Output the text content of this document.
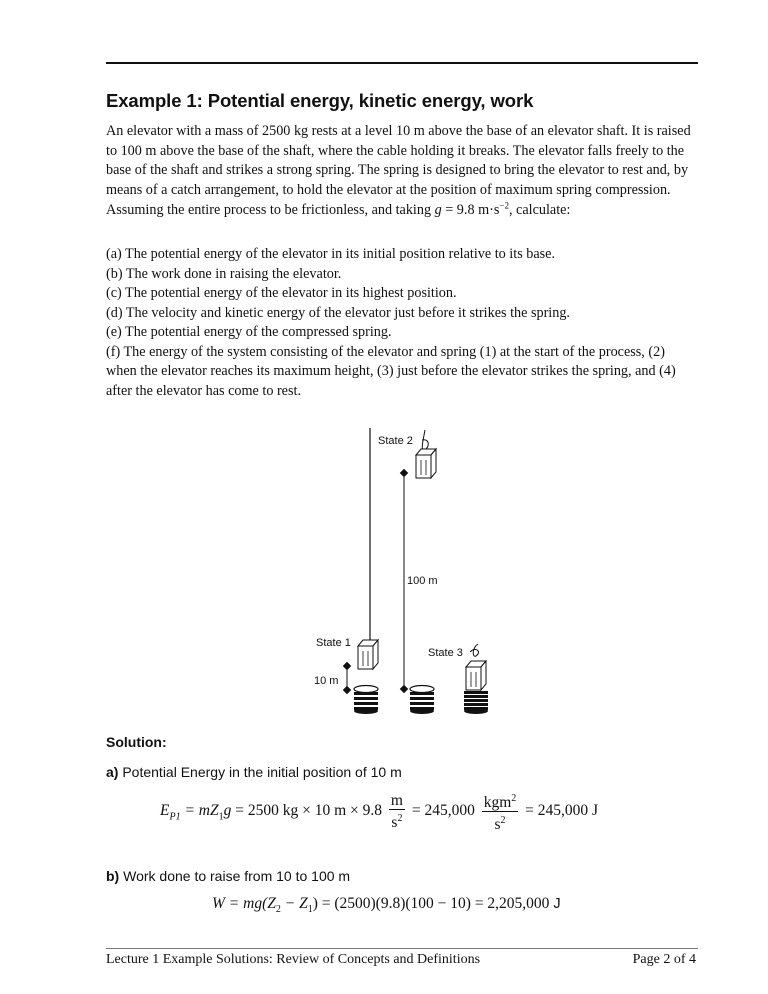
Example 1: Potential energy, kinetic energy, work

An elevator with a mass of 2500 kg rests at a level 10 m above the base of an elevator shaft. It is raised to 100 m above the base of the shaft, where the cable holding it breaks. The elevator falls freely to the base of the shaft and strikes a strong spring. The spring is designed to bring the elevator to rest and, by means of a catch arrangement, to hold the elevator at the position of maximum spring compression. Assuming the entire process to be frictionless, and taking g = 9.8 $m\cdot s^{-2}$, calculate:

(a) The potential energy of the elevator in its initial position relative to its base.
(b) The work done in raising the elevator.
(c) The potential energy of the elevator in its highest position.
(d) The velocity and kinetic energy of the elevator just before it strikes the spring.
(e) The potential energy of the compressed spring.
(f) The energy of the system consisting of the elevator and spring (1) at the start of the process, (2) when the elevator reaches its maximum height, (3) just before the elevator strikes the spring, and (4) after the elevator has come to rest.
State 1
10 m
State 2
100 m
State 3

Solution:

a) Potential Energy in the initial position of 10 m

$E_{P1} = mZ_1g = 2500$ kg × 10 $m \times 9.8 \frac{m}{s^2} = 245,000 \frac{kgm^2}{s^2} = 245,000$ J

b) Work done to raise from 10 to 100 m

$W = mg(Z_2 - Z_1) = (2500)(9.8)(100 - 10) = 2,205,000$ J
Lecture 1 Example Solutions: Review of Concepts and Definitions	Page 2 of 4
